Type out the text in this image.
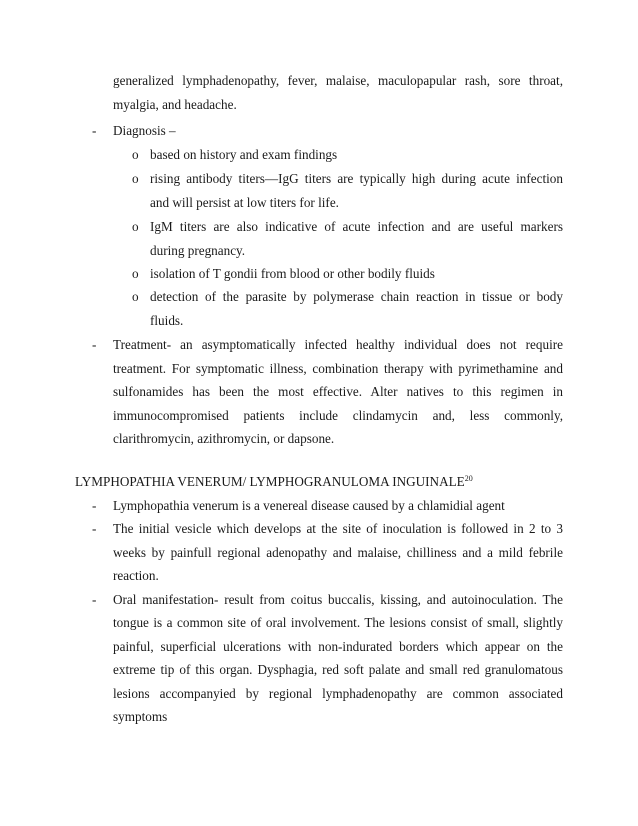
generalized lymphadenopathy, fever, malaise, maculopapular rash, sore throat,
myalgia, and headache.
- Diagnosis –
o based on history and exam findings
o rising antibody titers—IgG titers are typically high during acute infection
and will persist at low titers for life.
o IgM titers are also indicative of acute infection and are useful markers
during pregnancy.
o isolation of T gondii from blood or other bodily fluids
o detection of the parasite by polymerase chain reaction in tissue or body
fluids.
- Treatment- an asymptomatically infected healthy individual does not require
treatment. For symptomatic illness, combination therapy with pyrimethamine and
sulfonamides has been the most effective. Alter natives to this regimen in
immunocompromised patients include clindamycin and, less commonly,
clarithromycin, azithromycin, or dapsone.
LYMPHOPATHIA VENERUM/ LYMPHOGRANULOMA INGUINALE$^{20}$
- Lymphopathia venerum is a venereal disease caused by a chlamidial agent
- The initial vesicle which develops at the site of inoculation is followed in 2 to 3
weeks by painfull regional adenopathy and malaise, chilliness and a mild febrile
reaction.
- Oral manifestation- result from coitus buccalis, kissing, and autoinoculation. The
tongue is a common site of oral involvement. The lesions consist of small, slightly
painful, superficial ulcerations with non-indurated borders which appear on the
extreme tip of this organ. Dysphagia, red soft palate and small red granulomatous
lesions accompanyied by regional lymphadenopathy are common associated
symptoms
